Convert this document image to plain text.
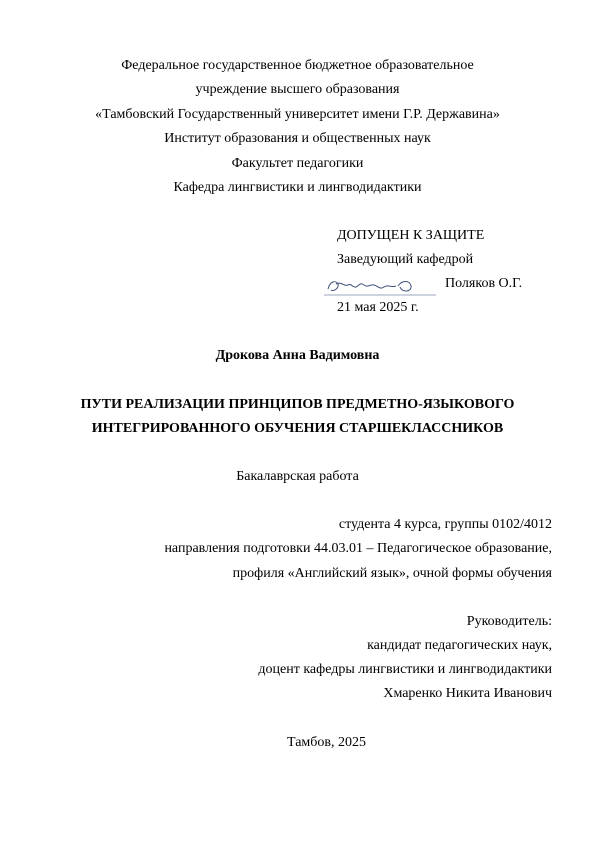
Федеральное государственное бюджетное образовательное
учреждение высшего образования
«Тамбовский Государственный университет имени Г.Р. Державина»
Институт образования и общественных наук
Факультет педагогики
Кафедра лингвистики и лингводидактики
ДОПУЩЕН К ЗАЩИТЕ
Заведующий кафедрой
Поляков О.Г.
21 мая 2025 г.
Дрокова Анна Вадимовна
ПУТИ РЕАЛИЗАЦИИ ПРИНЦИПОВ ПРЕДМЕТНО-ЯЗЫКОВОГО
ИНТЕГРИРОВАННОГО ОБУЧЕНИЯ СТАРШЕКЛАССНИКОВ
Бакалаврская работа
студента 4 курса, группы 0102/4012
направления подготовки 44.03.01 – Педагогическое образование,
профиля «Английский язык», очной формы обучения
Руководитель:
кандидат педагогических наук,
доцент кафедры лингвистики и лингводидактики
Хмаренко Никита Иванович
Тамбов, 2025
